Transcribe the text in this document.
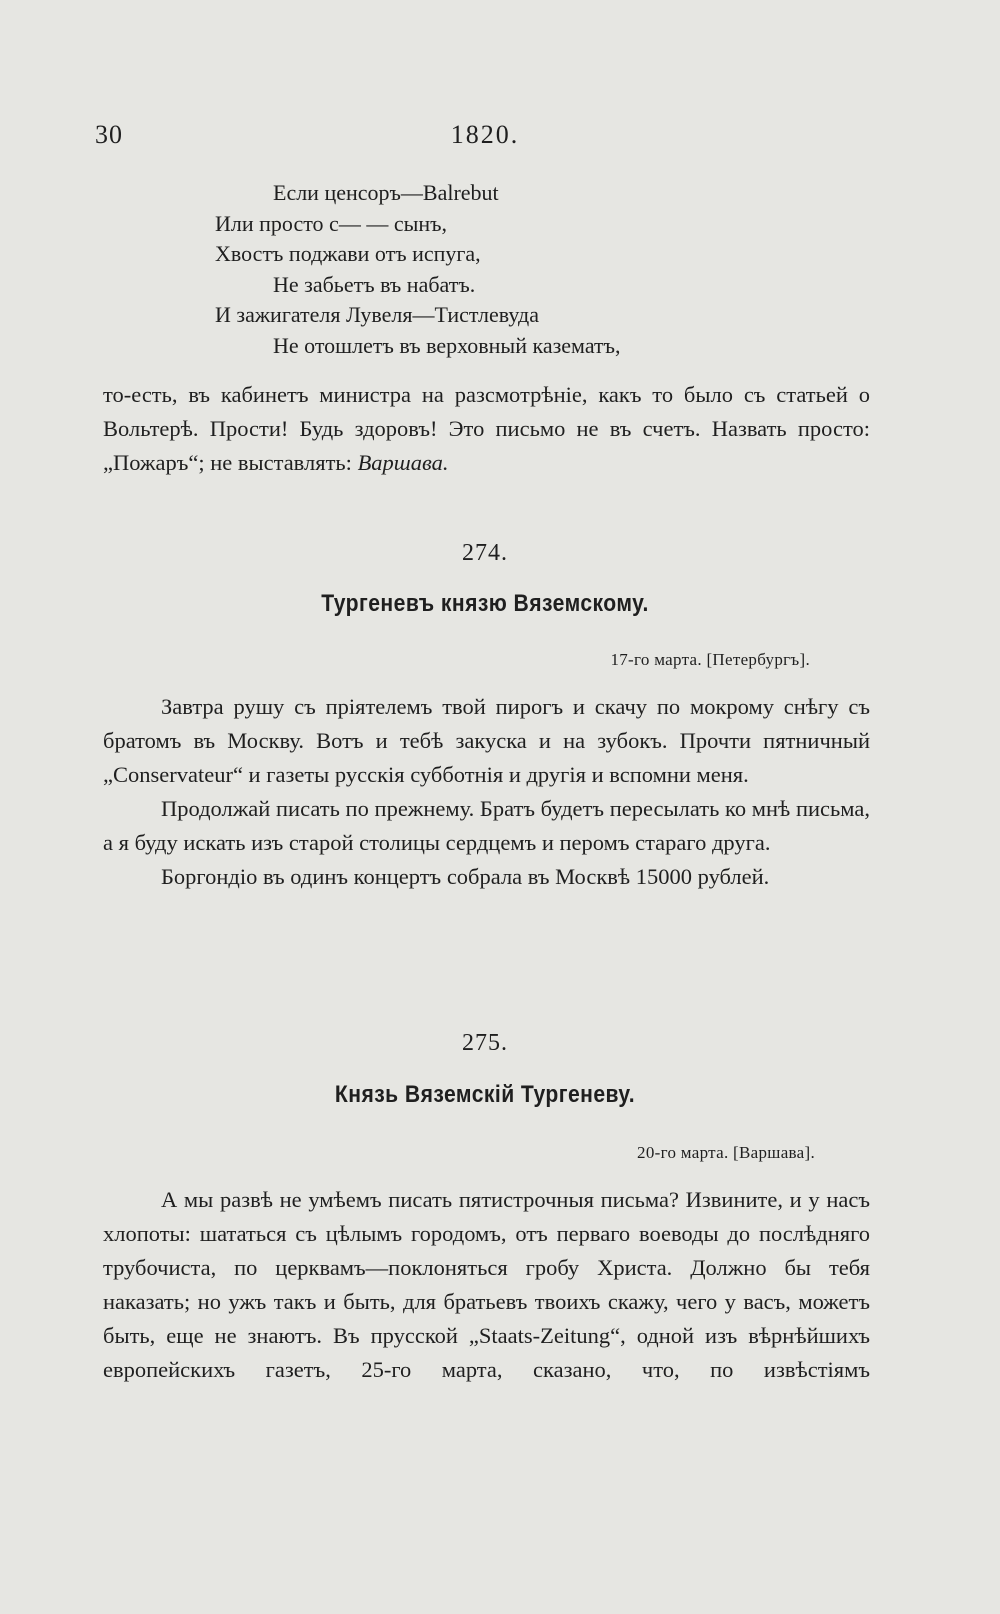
30	1820.
Если ценсоръ—Balrebut
Или просто с— — сынъ,
Хвостъ поджави отъ испуга,
Не забьетъ въ набатъ.
И зажигателя Лувеля—Тистлевуда
Не отошлетъ въ верховный казематъ,

то-есть, въ кабинетъ министра на разсмотрѣніе, какъ то было съ статьей о Вольтерѣ. Прости! Будь здоровъ! Это письмо не въ счетъ. Назвать просто: „Пожаръ“; не выставлять: Варшава.

274.
Тургеневъ князю Вяземскому.
17-го марта. [Петербургъ].

Завтра рушу съ пріятелемъ твой пирогъ и скачу по мокрому снѣгу съ братомъ въ Москву. Вотъ и тебѣ закуска и на зубокъ. Прочти пятничный „Conservateur“ и газеты русскія субботнія и другія и вспомни меня.

Продолжай писать по прежнему. Братъ будетъ пересылать ко мнѣ письма, а я буду искать изъ старой столицы сердцемъ и перомъ стараго друга.

Боргондіо въ одинъ концертъ собрала въ Москвѣ 15000 рублей.

275.
Князь Вяземскій Тургеневу.
20-го марта. [Варшава].

А мы развѣ не умѣемъ писать пятистрочныя письма? Извините, и у насъ хлопоты: шататься съ цѣлымъ городомъ, отъ перваго воеводы до послѣдняго трубочиста, по церквамъ—поклоняться гробу Христа. Должно бы тебя наказать; но ужъ такъ и быть, для братьевъ твоихъ скажу, чего у васъ, можетъ быть, еще не знаютъ. Въ прусской „Staats-Zeitung“, одной изъ вѣрнѣйшихъ европейскихъ газетъ, 25-го марта, сказано, что, по извѣстіямъ
